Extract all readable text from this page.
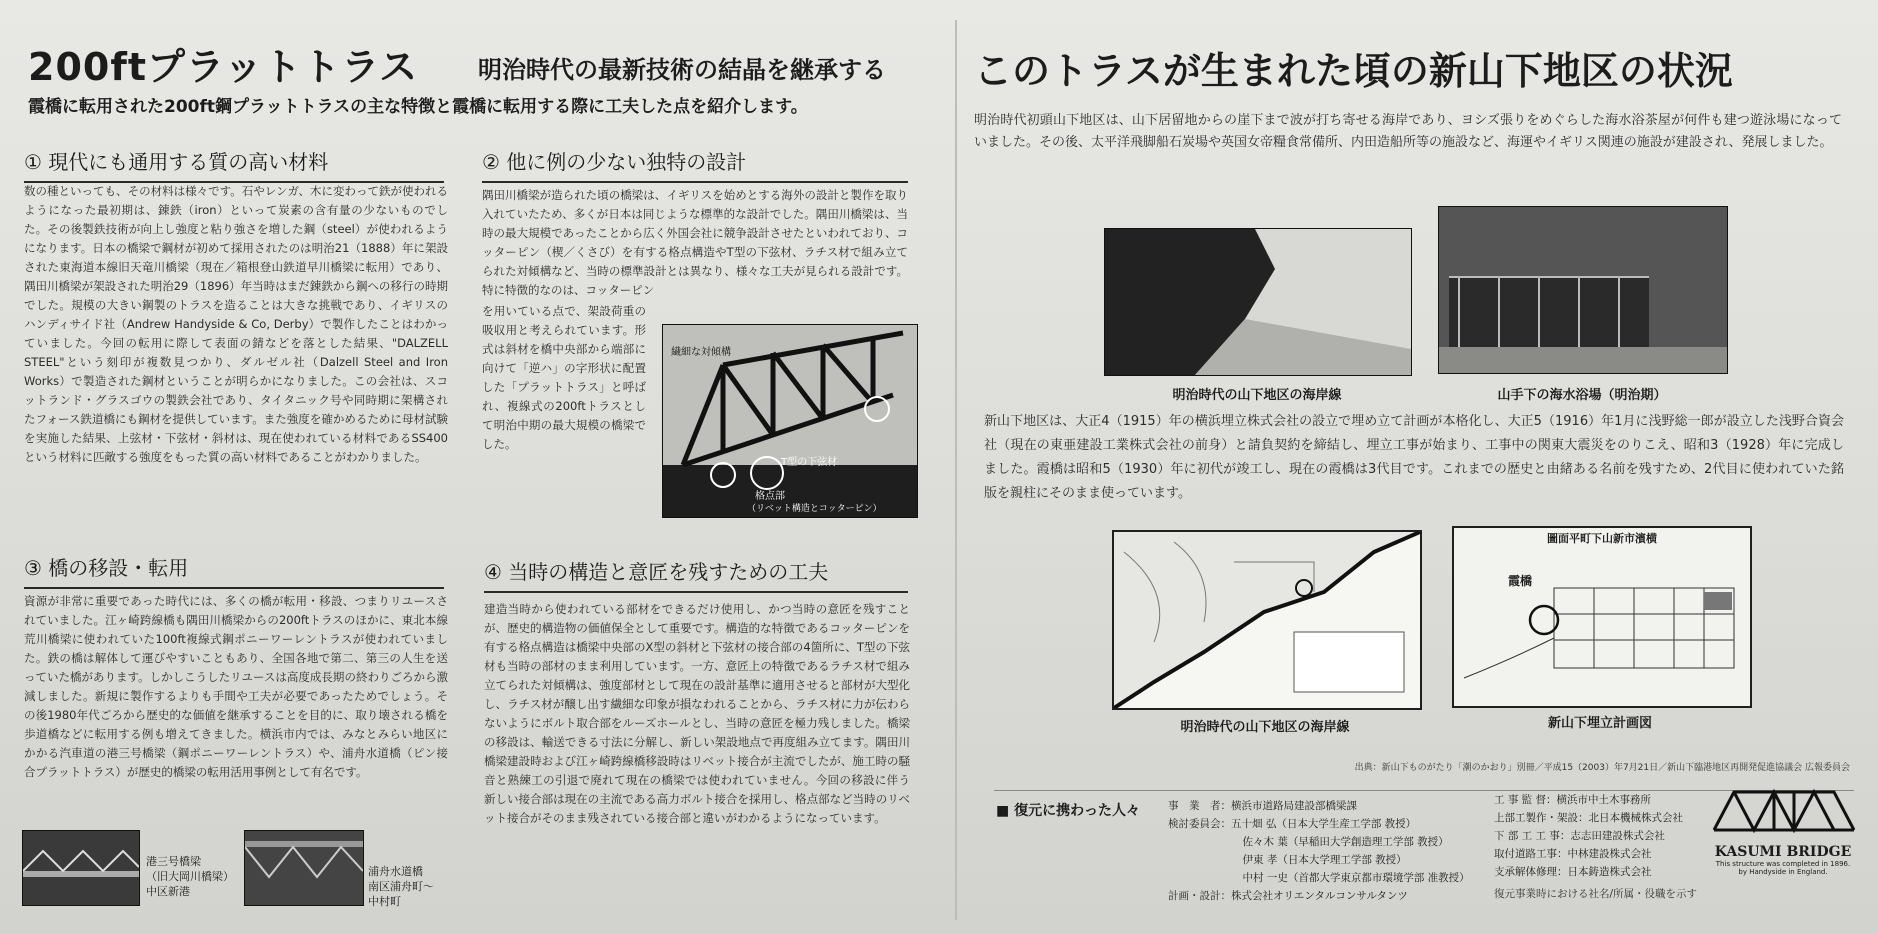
200ftプラットトラス 明治時代の最新技術の結晶を継承する
霞橋に転用された200ft鋼プラットトラスの主な特徴と霞橋に転用する際に工夫した点を紹介します。
① 現代にも通用する質の高い材料
数の種といっても、その材料は様々です。石やレンガ、木に変わって鉄が使われるようになった最初期は、錬鉄（iron）といって炭素の含有量の少ないものでした。その後製鉄技術が向上し強度と粘り強さを増した鋼（steel）が使われるようになります。日本の橋梁で鋼材が初めて採用されたのは明治21（1888）年に架設された東海道本線旧天竜川橋梁（現在／箱根登山鉄道早川橋梁に転用）であり、隅田川橋梁が架設された明治29（1896）年当時はまだ錬鉄から鋼への移行の時期でした。規模の大きい鋼製のトラスを造ることは大きな挑戦であり、イギリスのハンディサイド社（Andrew Handyside & Co, Derby）で製作したことはわかっていました。今回の転用に際して表面の錆などを落とした結果、"DALZELL STEEL"という刻印が複数見つかり、ダルゼル社（Dalzell Steel and Iron Works）で製造された鋼材ということが明らかになりました。この会社は、スコットランド・グラスゴウの製鉄会社であり、タイタニック号や同時期に架構されたフォース鉄道橋にも鋼材を提供しています。また強度を確かめるために母材試験を実施した結果、上弦材・下弦材・斜材は、現在使われている材料であるSS400という材料に匹敵する強度をもった質の高い材料であることがわかりました。
② 他に例の少ない独特の設計
隅田川橋梁が造られた頃の橋梁は、イギリスを始めとする海外の設計と製作を取り入れていたため、多くが日本は同じような標準的な設計でした。隅田川橋梁は、当時の最大規模であったことから広く外国会社に競争設計させたといわれており、コッターピン（楔／くさび）を有する格点構造やT型の下弦材、ラチス材で組み立てられた対傾構など、当時の標準設計とは異なり、様々な工夫が見られる設計です。特に特徴的なのは、コッターピン
を用いている点で、架設荷重の吸収用と考えられています。形式は斜材を橋中央部から端部に向けて「逆ハ」の字形状に配置した「プラットトラス」と呼ばれ、複線式の200ftトラスとして明治中期の最大規模の橋梁でした。
繊細な対傾構
T型の下弦材
格点部
（リベット構造とコッターピン）
③ 橋の移設・転用
資源が非常に重要であった時代には、多くの橋が転用・移設、つまりリユースされていました。江ヶ崎跨線橋も隅田川橋梁からの200ftトラスのほかに、東北本線荒川橋梁に使われていた100ft複線式鋼ポニーワーレントラスが使われていました。鉄の橋は解体して運びやすいこともあり、全国各地で第二、第三の人生を送っていた橋があります。しかしこうしたリユースは高度成長期の終わりごろから激減しました。新規に製作するよりも手間や工夫が必要であったためでしょう。その後1980年代ごろから歴史的な価値を継承することを目的に、取り壊される橋を歩道橋などに転用する例も増えてきました。横浜市内では、みなとみらい地区にかかる汽車道の港三号橋梁（鋼ポニーワーレントラス）や、浦舟水道橋（ピン接合プラットトラス）が歴史的橋梁の転用活用事例として有名です。
港三号橋梁
（旧大岡川橋梁）
中区新港
浦舟水道橋
南区浦舟町～
中村町
④ 当時の構造と意匠を残すための工夫
建造当時から使われている部材をできるだけ使用し、かつ当時の意匠を残すことが、歴史的構造物の価値保全として重要です。構造的な特徴であるコッターピンを有する格点構造は橋梁中央部のX型の斜材と下弦材の接合部の4箇所に、T型の下弦材も当時の部材のまま利用しています。一方、意匠上の特徴であるラチス材で組み立てられた対傾構は、強度部材として現在の設計基準に適用させると部材が大型化し、ラチス材が醸し出す繊細な印象が損なわれることから、ラチス材に力が伝わらないようにボルト取合部をルーズホールとし、当時の意匠を極力残しました。橋梁の移設は、輸送できる寸法に分解し、新しい架設地点で再度組み立てます。隅田川橋梁建設時および江ヶ崎跨線橋移設時はリベット接合が主流でしたが、施工時の騒音と熟練工の引退で廃れて現在の橋梁では使われていません。今回の移設に伴う新しい接合部は現在の主流である高力ボルト接合を採用し、格点部など当時のリベット接合がそのまま残されている接合部と違いがわかるようになっています。
このトラスが生まれた頃の新山下地区の状況
明治時代初頭山下地区は、山下居留地からの崖下まで波が打ち寄せる海岸であり、ヨシズ張りをめぐらした海水浴茶屋が何件も建つ遊泳場になっていました。その後、太平洋飛脚船石炭場や英国女帝糧食常備所、内田造船所等の施設など、海運やイギリス関連の施設が建設され、発展しました。
明治時代の山下地区の海岸線	山手下の海水浴場（明治期）
新山下地区は、大正4（1915）年の横浜埋立株式会社の設立で埋め立て計画が本格化し、大正5（1916）年1月に浅野総一郎が設立した浅野合資会社（現在の東亜建設工業株式会社の前身）と請負契約を締結し、埋立工事が始まり、工事中の関東大震災をのりこえ、昭和3（1928）年に完成しました。霞橋は昭和5（1930）年に初代が竣工し、現在の霞橋は3代目です。これまでの歴史と由緒ある名前を残すため、2代目に使われていた銘版を親柱にそのまま使っています。
明治時代の山下地区の海岸線
圖面平町下山新市濱横
霞橋
新山下埋立計画図
出典：新山下ものがたり「潮のかおり」別冊／平成15（2003）年7月21日／新山下臨港地区再開発促進協議会 広報委員会
■ 復元に携わった人々	事　業　者：横浜市道路局建設部橋梁課
検討委員会：五十畑 弘（日本大学生産工学部 教授）
　佐々木 葉（早稲田大学創造理工学部 教授）
　伊東 孝（日本大学理工学部 教授）
　中村 一史（首都大学東京都市環境学部 准教授）
計画・設計：株式会社オリエンタルコンサルタンツ
工 事 監 督：横浜市中土木事務所
上部工製作・架設：北日本機械株式会社
下 部 工 工 事：志志田建設株式会社
取付道路工事：中林建設株式会社
支承解体修理：日本鋳造株式会社
復元事業時における社名/所属・役職を示す
KASUMI BRIDGE
This structure was completed in 1896.
by Handyside in England.
